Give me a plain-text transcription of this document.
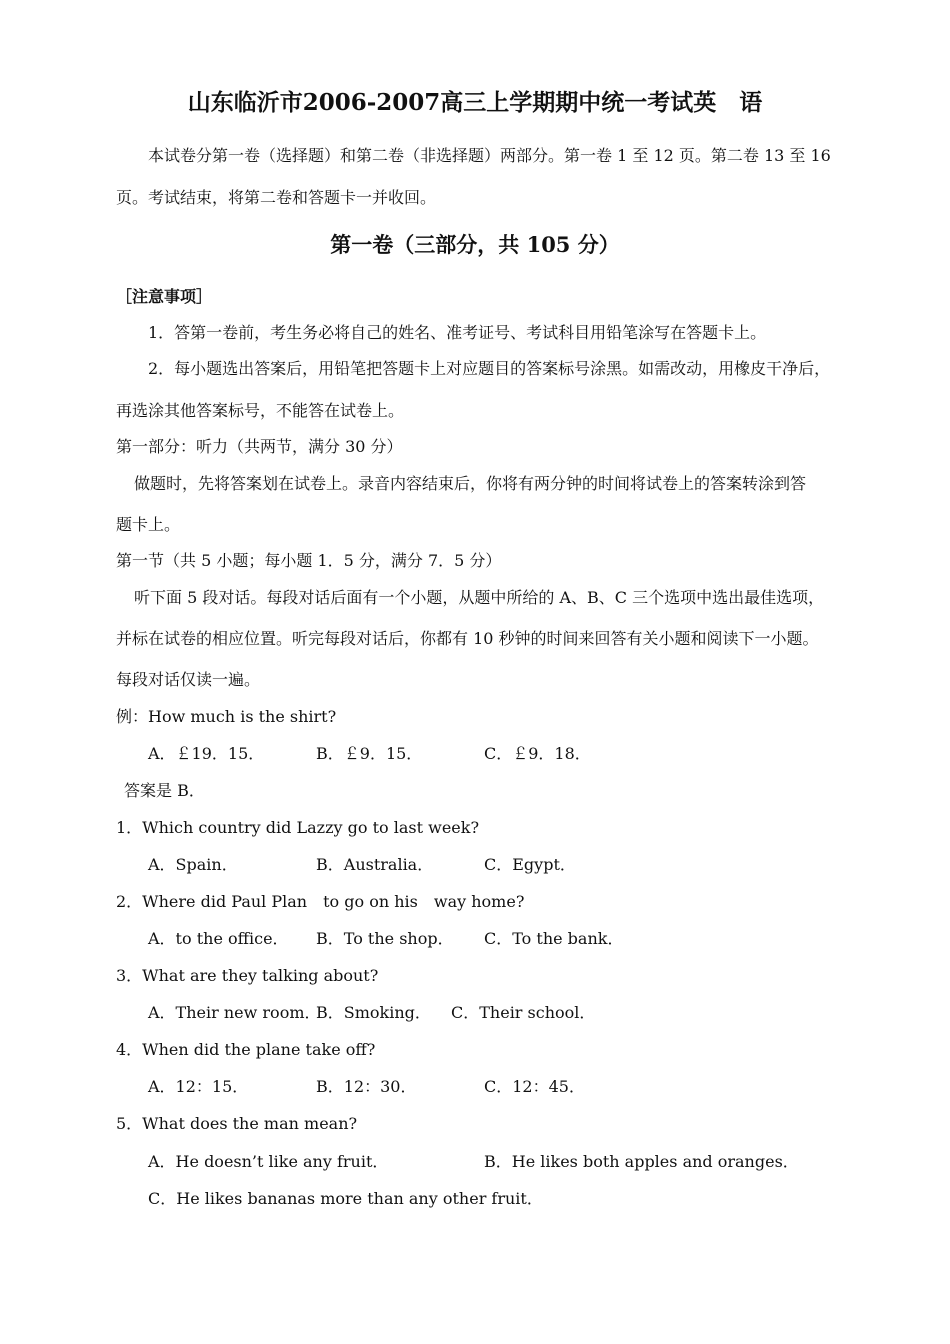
山东临沂市2006-2007高三上学期期中统一考试英　语
本试卷分第一卷（选择题）和第二卷（非选择题）两部分。第一卷 1 至 12 页。第二卷 13 至 16
页。考试结束，将第二卷和答题卡一并收回。
第一卷（三部分，共 105 分）
［注意事项］
1．答第一卷前，考生务必将自己的姓名、准考证号、考试科目用铅笔涂写在答题卡上。
2．每小题选出答案后，用铅笔把答题卡上对应题目的答案标号涂黑。如需改动，用橡皮干净后，
再选涂其他答案标号，不能答在试卷上。
第一部分：听力（共两节，满分 30 分）
做题时，先将答案划在试卷上。录音内容结束后，你将有两分钟的时间将试卷上的答案转涂到答
题卡上。
第一节（共 5 小题；每小题 1．5 分，满分 7．5 分）
听下面 5 段对话。每段对话后面有一个小题，从题中所给的 A、B、C 三个选项中选出最佳选项，
并标在试卷的相应位置。听完每段对话后，你都有 10 秒钟的时间来回答有关小题和阅读下一小题。
每段对话仅读一遍。
例：How much is the shirt?
A．￡19．15．	B．￡9．15．	C．￡9．18．
答案是 B．
1．Which country did Lazzy go to last week?
A．Spain．	B．Australia．	C．Egypt．
2．Where did Paul Plan　to go on his　way home?
A．to the office． B．To the shop． C．To the bank．
3．What are they talking about?
A．Their new room．
B．Smoking． C．Their school．
4．When did the plane take off?
A．12：15．	B．12：30．	C．12：45．
5．What does the man mean?
A．He doesn’t like any fruit．	B．He likes both apples and oranges．
C．He likes bananas more than any other fruit．
